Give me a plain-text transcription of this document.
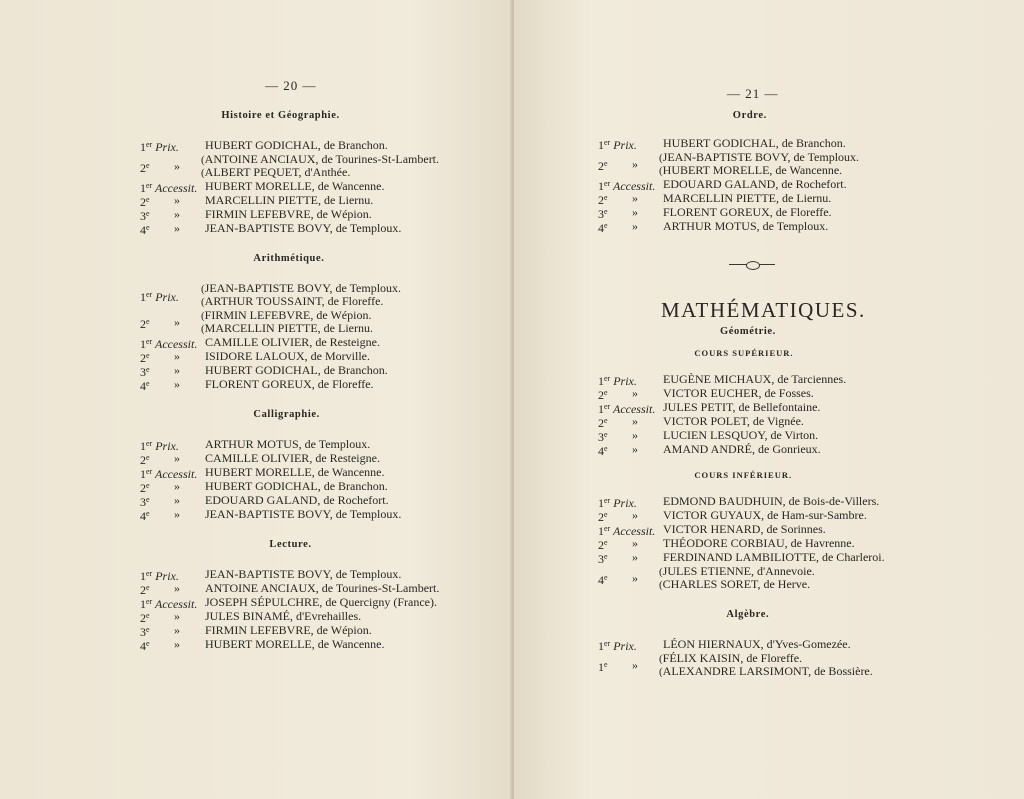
— 20 —
Histoire et Géographie.
1er Prix. HUBERT GODICHAL, de Branchon.
2e » (ANTOINE ANCIAUX, de Tourines-St-Lambert.
(ALBERT PEQUET, d'Anthée.
1er Accessit. HUBERT MORELLE, de Wancenne.
2e » MARCELLIN PIETTE, de Liernu.
3e » FIRMIN LEFEBVRE, de Wépion.
4e » JEAN-BAPTISTE BOVY, de Temploux.
Arithmétique.
1er Prix.
(JEAN-BAPTISTE BOVY, de Temploux.
(ARTHUR TOUSSAINT, de Floreffe.
2e » (FIRMIN LEFEBVRE, de Wépion.
(MARCELLIN PIETTE, de Liernu.
1er Accessit. CAMILLE OLIVIER, de Resteigne.
2e » ISIDORE LALOUX, de Morville.
3e » HUBERT GODICHAL, de Branchon.
4e » FLORENT GOREUX, de Floreffe.
Calligraphie.
1er Prix. ARTHUR MOTUS, de Temploux.
2e » CAMILLE OLIVIER, de Resteigne.
1er Accessit. HUBERT MORELLE, de Wancenne.
2e » HUBERT GODICHAL, de Branchon.
3e » EDOUARD GALAND, de Rochefort.
4e » JEAN-BAPTISTE BOVY, de Temploux.
Lecture.
1er Prix. JEAN-BAPTISTE BOVY, de Temploux.
2e » ANTOINE ANCIAUX, de Tourines-St-Lambert.
1er Accessit. JOSEPH SÉPULCHRE, de Quercigny (France).
2e » JULES BINAMÉ, d'Evrehailles.
3e » FIRMIN LEFEBVRE, de Wépion.
4e » HUBERT MORELLE, de Wancenne.
— 21 —
Ordre.
1er Prix. HUBERT GODICHAL, de Branchon.
2e » (JEAN-BAPTISTE BOVY, de Temploux.
(HUBERT MORELLE, de Wancenne.
1er Accessit. EDOUARD GALAND, de Rochefort.
2e » MARCELLIN PIETTE, de Liernu.
3e » FLORENT GOREUX, de Floreffe.
4e » ARTHUR MOTUS, de Temploux.
MATHÉMATIQUES.
Géométrie.
COURS SUPÉRIEUR.
1er Prix. EUGÈNE MICHAUX, de Tarciennes.
2e » VICTOR EUCHER, de Fosses.
1er Accessit. JULES PETIT, de Bellefontaine.
2e » VICTOR POLET, de Vignée.
3e » LUCIEN LESQUOY, de Virton.
4e » AMAND ANDRÉ, de Gonrieux.
COURS INFÉRIEUR.
1er Prix. EDMOND BAUDHUIN, de Bois-de-Villers.
2e » VICTOR GUYAUX, de Ham-sur-Sambre.
1er Accessit. VICTOR HENARD, de Sorinnes.
2e » THÉODORE CORBIAU, de Havrenne.
3e » FERDINAND LAMBILIOTTE, de Charleroi.
4e » (JULES ETIENNE, d'Annevoie.
(CHARLES SORET, de Herve.
Algèbre.
1er Prix. LÉON HIERNAUX, d'Yves-Gomezée.
1e » (FÉLIX KAISIN, de Floreffe.
(ALEXANDRE LARSIMONT, de Bossière.
